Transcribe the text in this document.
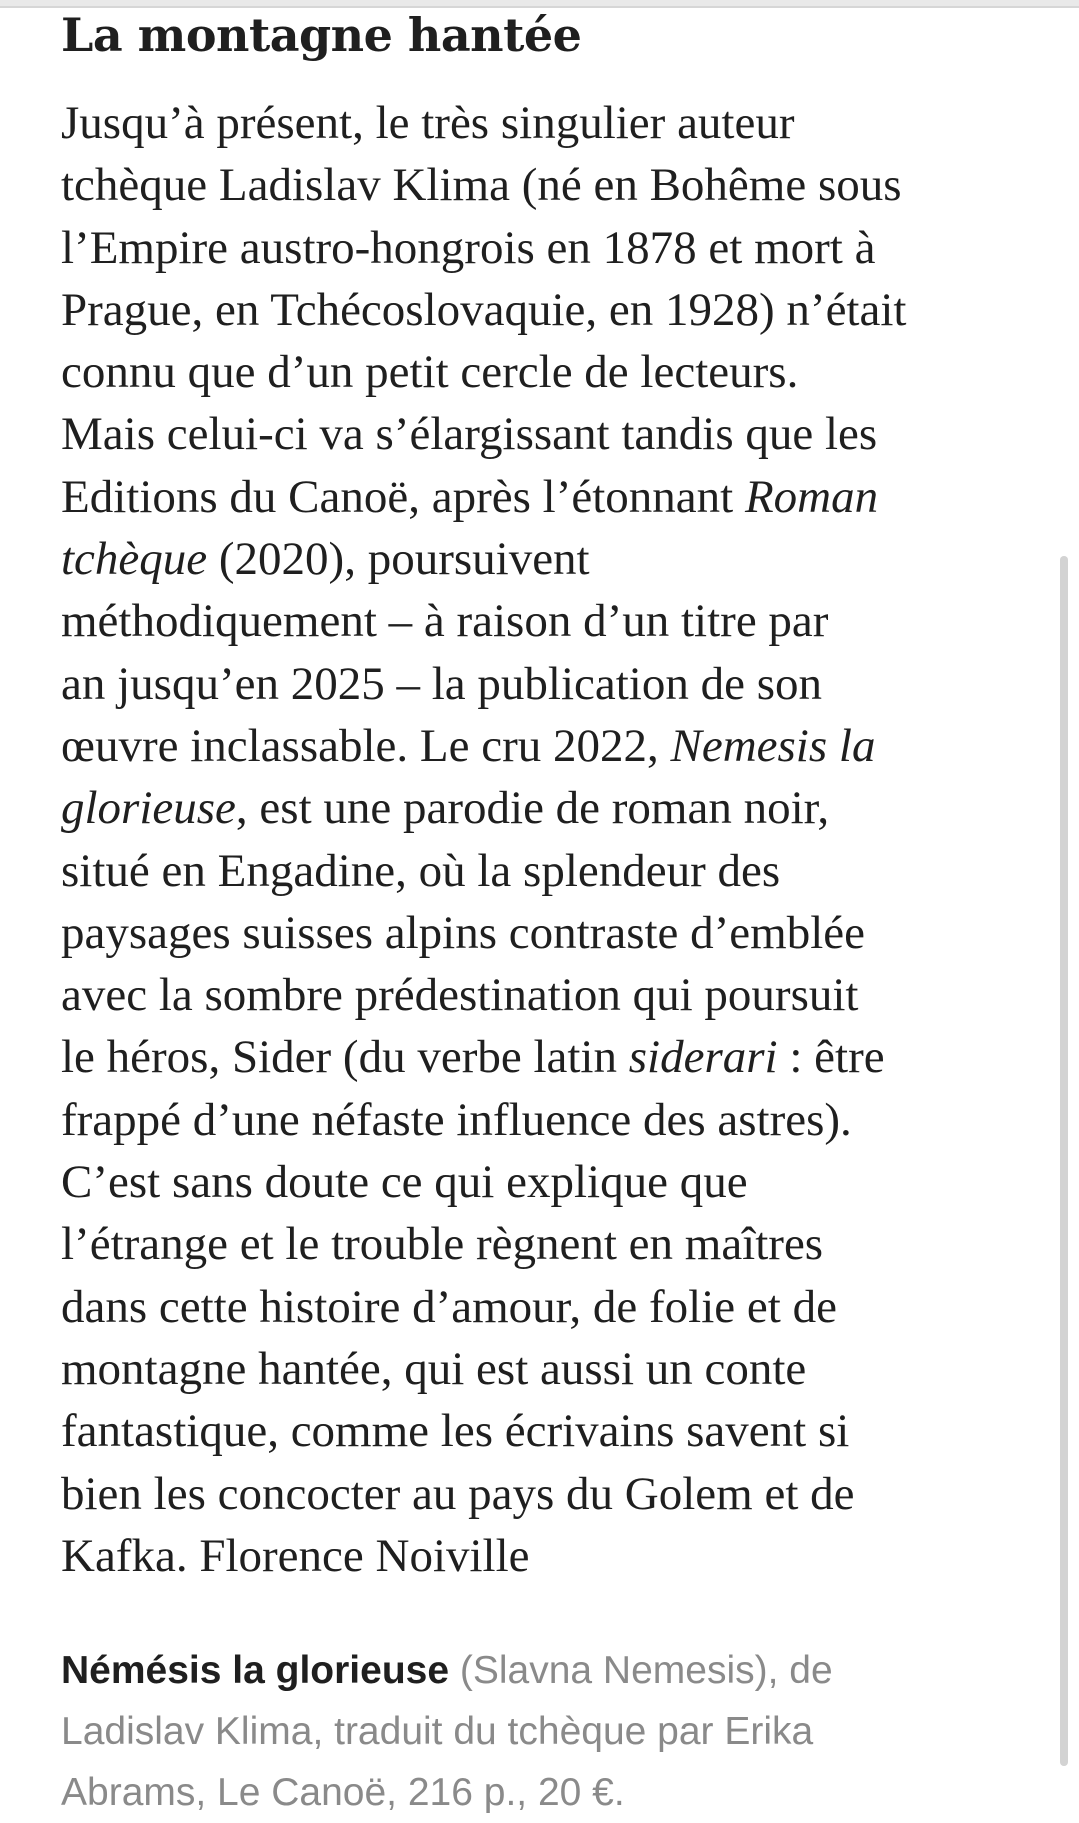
La montagne hantée

Jusqu’à présent, le très singulier auteur
tchèque Ladislav Klima (né en Bohême sous
l’Empire austro-hongrois en 1878 et mort à
Prague, en Tchécoslovaquie, en 1928) n’était
connu que d’un petit cercle de lecteurs.
Mais celui-ci va s’élargissant tandis que les
Editions du Canoë, après l’étonnant Roman
tchèque (2020), poursuivent
méthodiquement – à raison d’un titre par
an jusqu’en 2025 – la publication de son
œuvre inclassable. Le cru 2022, Nemesis la
glorieuse, est une parodie de roman noir,
situé en Engadine, où la splendeur des
paysages suisses alpins contraste d’emblée
avec la sombre prédestination qui poursuit
le héros, Sider (du verbe latin siderari : être
frappé d’une néfaste influence des astres).
C’est sans doute ce qui explique que
l’étrange et le trouble règnent en maîtres
dans cette histoire d’amour, de folie et de
montagne hantée, qui est aussi un conte
fantastique, comme les écrivains savent si
bien les concocter au pays du Golem et de
Kafka. Florence Noiville

Némésis la glorieuse (Slavna Nemesis), de
Ladislav Klima, traduit du tchèque par Erika
Abrams, Le Canoë, 216 p., 20 €.
